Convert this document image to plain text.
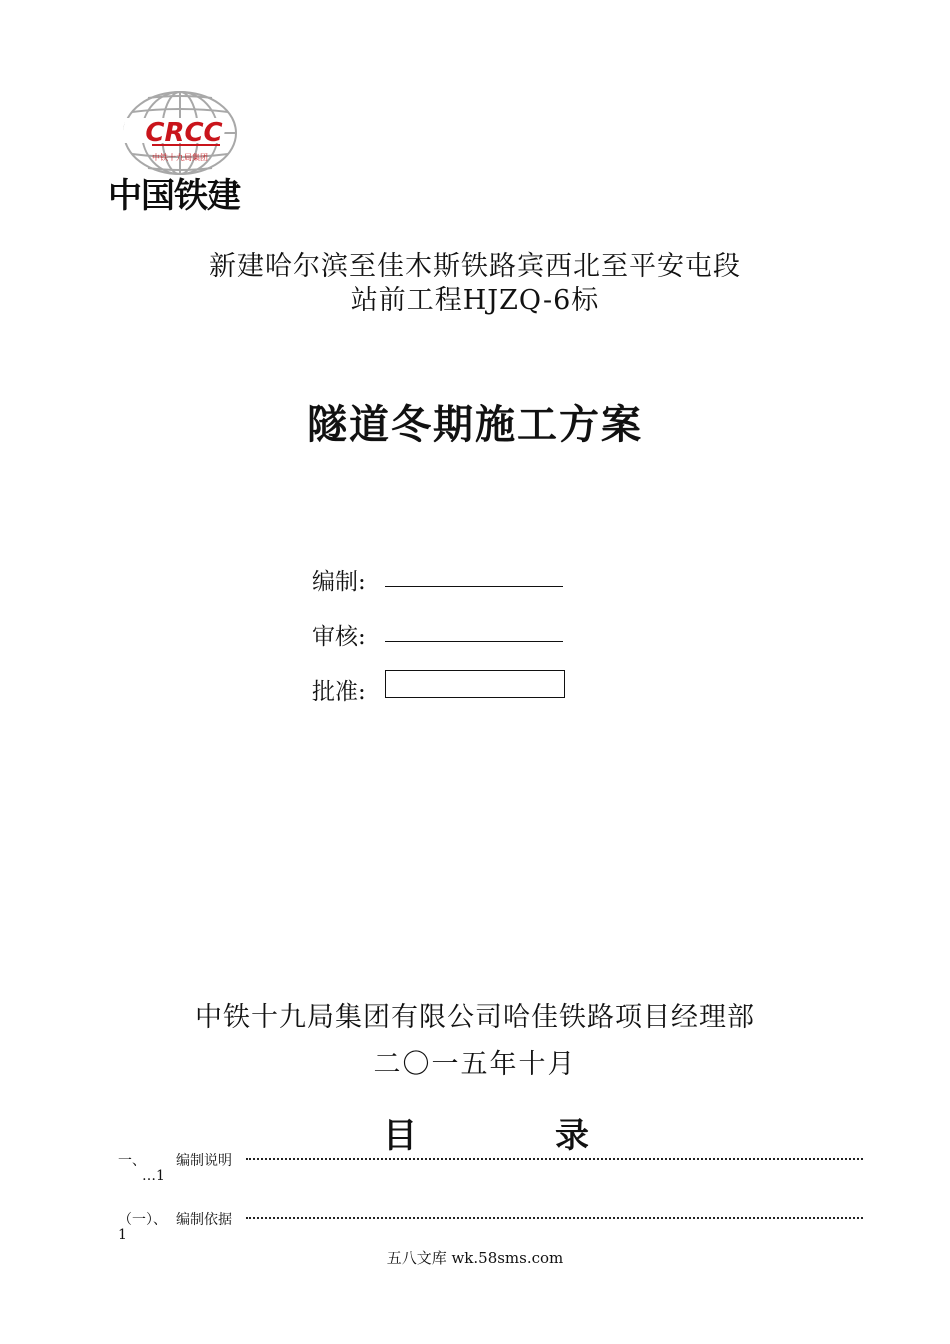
CRCC
中铁十九局集团
中国铁建
新建哈尔滨至佳木斯铁路宾西北至平安屯段
站前工程HJZQ-6标
隧道冬期施工方案
编制:
审核:
批准:
中铁十九局集团有限公司哈佳铁路项目经理部
二〇一五年十月
目	录
一、 编制说明
…1
（一）、 编制依据
1
五八文库 wk.58sms.com
